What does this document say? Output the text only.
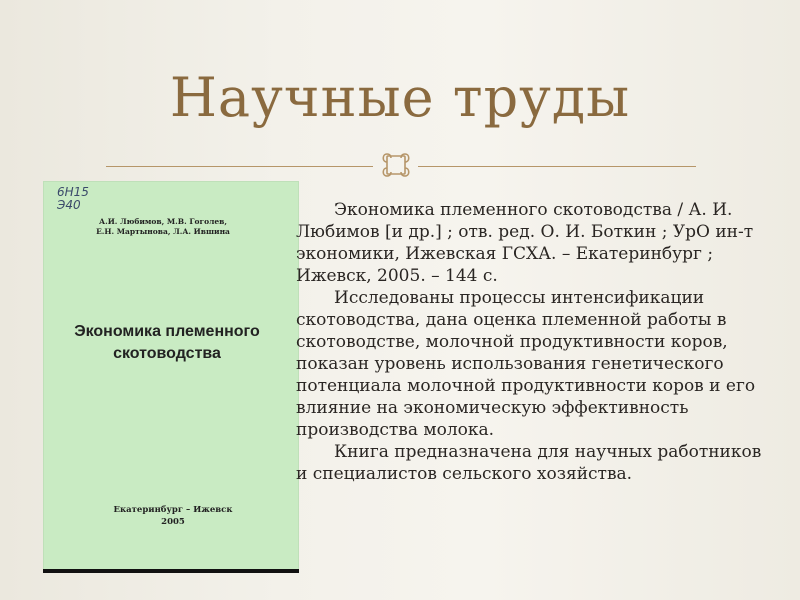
Научные труды
6Н15
Э40
А.И. Любимов, М.В. Гоголев,
Е.Н. Мартынова, Л.А. Ившина
Экономика племенного
скотоводства
Екатеринбург – Ижевск
2005

Экономика племенного скотоводства / А. И. Любимов [и др.] ; отв. ред. О. И. Боткин ; УрО ин-т экономики, Ижевская ГСХА. – Екатеринбург ; Ижевск, 2005. – 144 с.

Исследованы процессы интенсификации скотоводства, дана оценка племенной работы в скотоводстве, молочной продуктивности коров, показан уровень использования генетического потенциала молочной продуктивности коров и его влияние на экономическую эффективность производства молока.

Книга предназначена для научных работников и специалистов сельского хозяйства.
